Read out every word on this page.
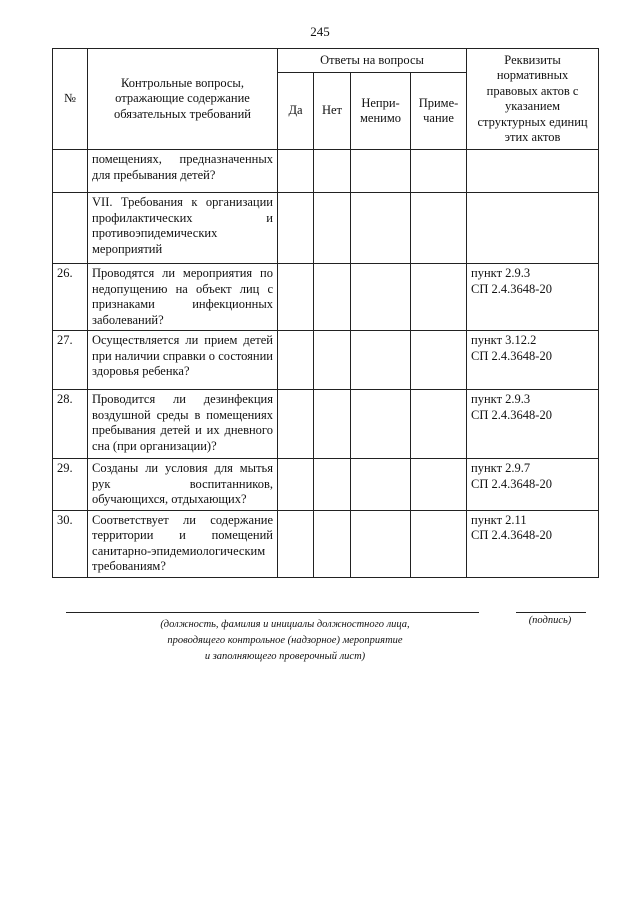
245
№	Контрольные вопросы, отражающие содержание обязательных требований	Ответы на вопросы				Реквизиты нормативных правовых актов с указанием структурных единиц этих актов
		Да	Нет	Непри-менимо	Приме-чание	
	помещениях, предназначенных для пребывания детей?					
	VII. Требования к организации профилактических и противоэпидемических мероприятий					
26.	Проводятся ли мероприятия по недопущению на объект лиц с признаками инфекционных заболеваний?					пункт 2.9.3
СП 2.4.3648-20

27.	Осуществляется ли прием детей при наличии справки о состоянии здоровья ребенка?					пункт 3.12.2
СП 2.4.3648-20

28.	Проводится ли дезинфекция воздушной среды в помещениях пребывания детей и их дневного сна (при организации)?					пункт 2.9.3
СП 2.4.3648-20

29.	Созданы ли условия для мытья рук воспитанников, обучающихся, отдыхающих?					пункт 2.9.7
СП 2.4.3648-20

30.	Соответствует ли содержание территории и помещений санитарно-эпидемиологическим требованиям?					пункт 2.11
СП 2.4.3648-20
(должность, фамилия и инициалы должностного лица,
проводящего контрольное (надзорное) мероприятие
и заполняющего проверочный лист)
(подпись)
